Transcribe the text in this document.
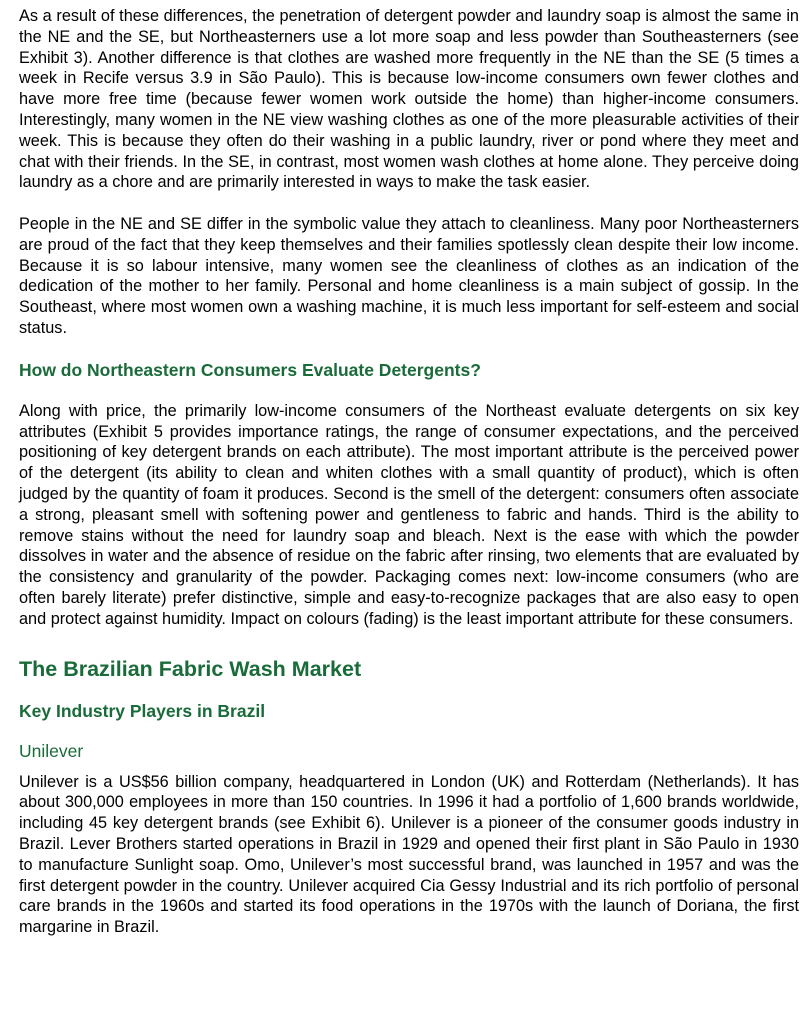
As a result of these differences, the penetration of detergent powder and laundry soap is almost the same in the NE and the SE, but Northeasterners use a lot more soap and less powder than Southeasterners (see Exhibit 3). Another difference is that clothes are washed more frequently in the NE than the SE (5 times a week in Recife versus 3.9 in São Paulo). This is because low-income consumers own fewer clothes and have more free time (because fewer women work outside the home) than higher-income consumers. Interestingly, many women in the NE view washing clothes as one of the more pleasurable activities of their week. This is because they often do their washing in a public laundry, river or pond where they meet and chat with their friends. In the SE, in contrast, most women wash clothes at home alone. They perceive doing laundry as a chore and are primarily interested in ways to make the task easier.

People in the NE and SE differ in the symbolic value they attach to cleanliness. Many poor Northeasterners are proud of the fact that they keep themselves and their families spotlessly clean despite their low income. Because it is so labour intensive, many women see the cleanliness of clothes as an indication of the dedication of the mother to her family. Personal and home cleanliness is a main subject of gossip. In the Southeast, where most women own a washing machine, it is much less important for self-esteem and social status.

How do Northeastern Consumers Evaluate Detergents?

Along with price, the primarily low-income consumers of the Northeast evaluate detergents on six key attributes (Exhibit 5 provides importance ratings, the range of consumer expectations, and the perceived positioning of key detergent brands on each attribute). The most important attribute is the perceived power of the detergent (its ability to clean and whiten clothes with a small quantity of product), which is often judged by the quantity of foam it produces. Second is the smell of the detergent: consumers often associate a strong, pleasant smell with softening power and gentleness to fabric and hands. Third is the ability to remove stains without the need for laundry soap and bleach. Next is the ease with which the powder dissolves in water and the absence of residue on the fabric after rinsing, two elements that are evaluated by the consistency and granularity of the powder. Packaging comes next: low-income consumers (who are often barely literate) prefer distinctive, simple and easy-to-recognize packages that are also easy to open and protect against humidity. Impact on colours (fading) is the least important attribute for these consumers.

The Brazilian Fabric Wash Market
Key Industry Players in Brazil
Unilever

Unilever is a US$56 billion company, headquartered in London (UK) and Rotterdam (Netherlands). It has about 300,000 employees in more than 150 countries. In 1996 it had a portfolio of 1,600 brands worldwide, including 45 key detergent brands (see Exhibit 6). Unilever is a pioneer of the consumer goods industry in Brazil. Lever Brothers started operations in Brazil in 1929 and opened their first plant in São Paulo in 1930 to manufacture Sunlight soap. Omo, Unilever’s most successful brand, was launched in 1957 and was the first detergent powder in the country. Unilever acquired Cia Gessy Industrial and its rich portfolio of personal care brands in the 1960s and started its food operations in the 1970s with the launch of Doriana, the first margarine in Brazil.
